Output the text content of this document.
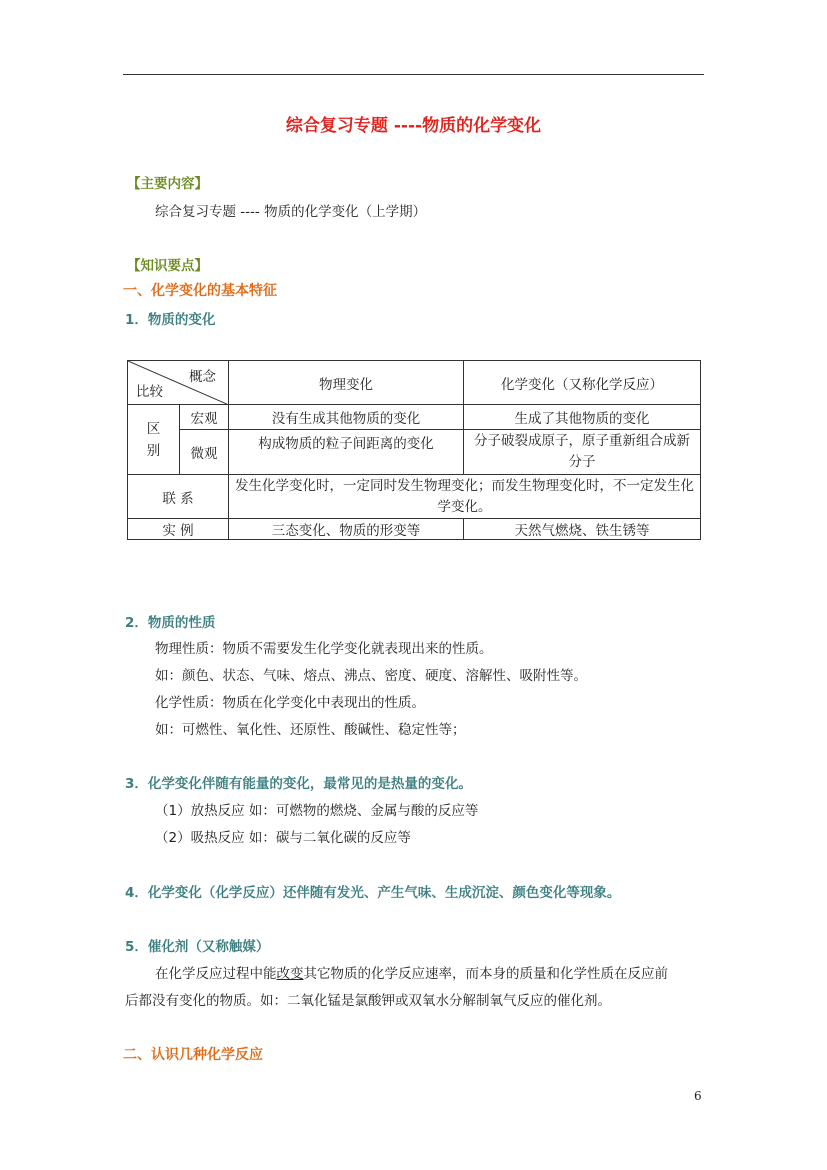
综合复习专题 ----物质的化学变化
【主要内容】
综合复习专题 ---- 物质的化学变化（上学期）
【知识要点】
一、化学变化的基本特征
1．物质的变化
概念
比较		物理变化	化学变化（又称化学反应）
区别	宏观	没有生成其他物质的变化	生成了其他物质的变化
	微观	构成物质的粒子间距离的变化	分子破裂成原子，原子重新组合成新分子
联 系		发生化学变化时，一定同时发生物理变化；而发生物理变化时，不一定发生化学变化。	
实 例		三态变化、物质的形变等	天然气燃烧、铁生锈等
2．物质的性质
物理性质：物质不需要发生化学变化就表现出来的性质。
如：颜色、状态、气味、熔点、沸点、密度、硬度、溶解性、吸附性等。
化学性质：物质在化学变化中表现出的性质。
如：可燃性、氧化性、还原性、酸碱性、稳定性等；
3．化学变化伴随有能量的变化，最常见的是热量的变化。
（1）放热反应 如：可燃物的燃烧、金属与酸的反应等
（2）吸热反应 如：碳与二氧化碳的反应等
4．化学变化（化学反应）还伴随有发光、产生气味、生成沉淀、颜色变化等现象。
5．催化剂（又称触媒）
在化学反应过程中能改变其它物质的化学反应速率，而本身的质量和化学性质在反应前
后都没有变化的物质。如：二氧化锰是氯酸钾或双氧水分解制氧气反应的催化剂。
二、认识几种化学反应
6
